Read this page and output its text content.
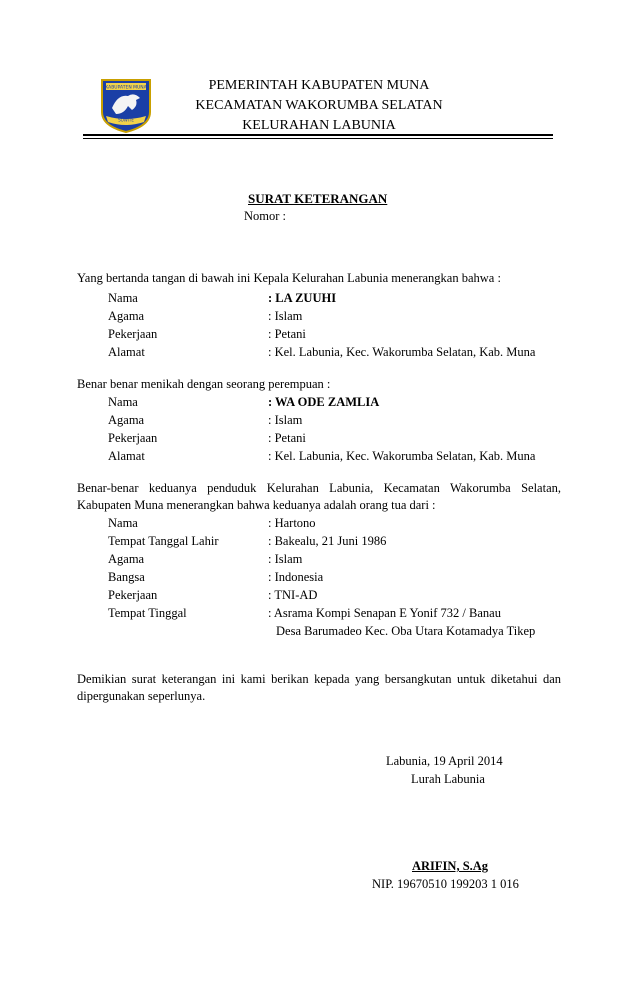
KABUPATEN MUNA
SOWITE
PEMERINTAH KABUPATEN MUNA
KECAMATAN WAKORUMBA SELATAN
KELURAHAN LABUNIA
SURAT KETERANGAN
Nomor :
Yang bertanda tangan di bawah ini Kepala Kelurahan Labunia menerangkan bahwa :
Nama	: LA ZUUHI
Agama	: Islam
Pekerjaan	: Petani
Alamat	: Kel. Labunia, Kec. Wakorumba Selatan, Kab. Muna
Benar benar menikah dengan seorang perempuan :
Nama	: WA ODE ZAMLIA
Agama	: Islam
Pekerjaan	: Petani
Alamat	: Kel. Labunia, Kec. Wakorumba Selatan, Kab. Muna
Benar-benar keduanya penduduk Kelurahan Labunia, Kecamatan Wakorumba Selatan, Kabupaten Muna menerangkan bahwa keduanya adalah orang tua dari :
Nama	: Hartono
Tempat Tanggal Lahir	: Bakealu, 21 Juni 1986
Agama	: Islam
Bangsa	: Indonesia
Pekerjaan	: TNI-AD
Tempat Tinggal	: Asrama Kompi Senapan E Yonif 732 / Banau
Desa Barumadeo Kec. Oba Utara Kotamadya Tikep
Demikian surat keterangan ini kami berikan kepada yang bersangkutan untuk diketahui dan dipergunakan seperlunya.
Labunia, 19 April 2014
Lurah Labunia
ARIFIN, S.Ag
NIP. 19670510 199203 1 016
